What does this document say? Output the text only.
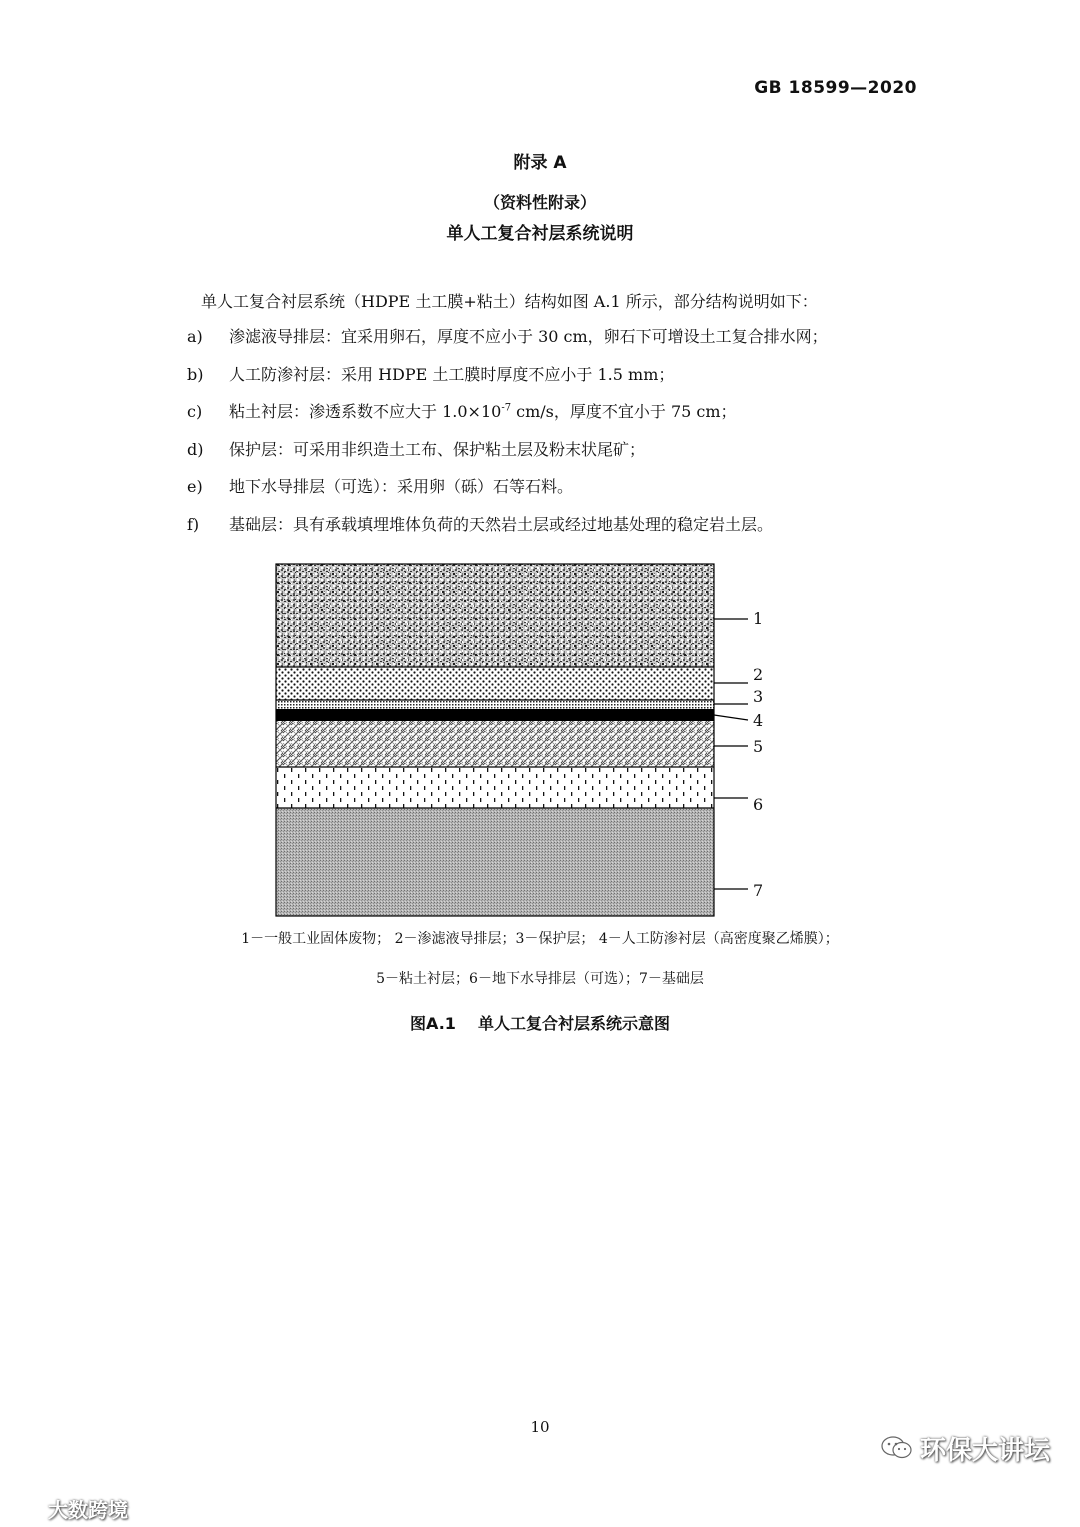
GB 18599—2020
附录 A
（资料性附录）
单人工复合衬层系统说明
单人工复合衬层系统（HDPE 土工膜+粘土）结构如图 A.1 所示，部分结构说明如下：
a) 渗滤液导排层：宜采用卵石，厚度不应小于 30 cm，卵石下可增设土工复合排水网；
b) 人工防渗衬层：采用 HDPE 土工膜时厚度不应小于 1.5 mm；
c) 粘土衬层：渗透系数不应大于 $1.0\times 10^{-7}$ cm/s，厚度不宜小于 75 cm；
d) 保护层：可采用非织造土工布、保护粘土层及粉末状尾矿；
e) 地下水导排层（可选）：采用卵（砾）石等石料。
f) 基础层：具有承载填埋堆体负荷的天然岩土层或经过地基处理的稳定岩土层。
1
2
3
4
5
6
7
1－一般工业固体废物； 2－渗滤液导排层；3－保护层； 4－人工防渗衬层（高密度聚乙烯膜）；
5－粘土衬层；6－地下水导排层（可选）；7－基础层
图A.1 单人工复合衬层系统示意图
10
环保大讲坛
大数跨境
